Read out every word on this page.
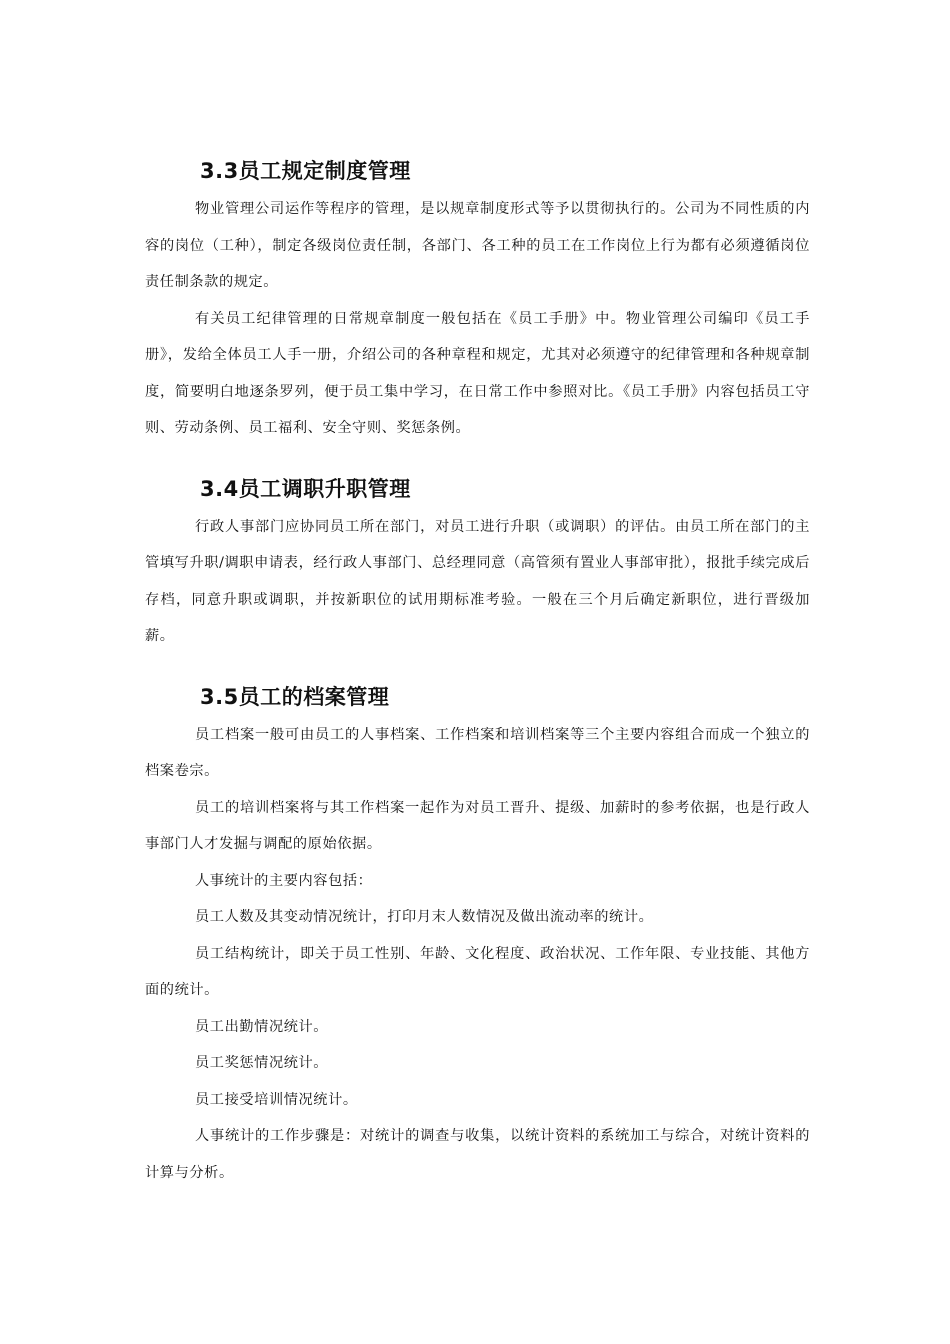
3.3员工规定制度管理

物业管理公司运作等程序的管理，是以规章制度形式等予以贯彻执行的。公司为不同性质的内容的岗位（工种），制定各级岗位责任制，各部门、各工种的员工在工作岗位上行为都有必须遵循岗位责任制条款的规定。

有关员工纪律管理的日常规章制度一般包括在《员工手册》中。物业管理公司编印《员工手册》，发给全体员工人手一册，介绍公司的各种章程和规定，尤其对必须遵守的纪律管理和各种规章制度，简要明白地逐条罗列，便于员工集中学习，在日常工作中参照对比。《员工手册》内容包括员工守则、劳动条例、员工福利、安全守则、奖惩条例。

3.4员工调职升职管理

行政人事部门应协同员工所在部门，对员工进行升职（或调职）的评估。由员工所在部门的主管填写升职/调职申请表，经行政人事部门、总经理同意（高管须有置业人事部审批），报批手续完成后存档，同意升职或调职，并按新职位的试用期标准考验。一般在三个月后确定新职位，进行晋级加薪。

3.5员工的档案管理

员工档案一般可由员工的人事档案、工作档案和培训档案等三个主要内容组合而成一个独立的档案卷宗。

员工的培训档案将与其工作档案一起作为对员工晋升、提级、加薪时的参考依据，也是行政人事部门人才发掘与调配的原始依据。

人事统计的主要内容包括：

员工人数及其变动情况统计，打印月末人数情况及做出流动率的统计。

员工结构统计，即关于员工性别、年龄、文化程度、政治状况、工作年限、专业技能、其他方面的统计。

员工出勤情况统计。

员工奖惩情况统计。

员工接受培训情况统计。

人事统计的工作步骤是：对统计的调查与收集，以统计资料的系统加工与综合，对统计资料的计算与分析。
